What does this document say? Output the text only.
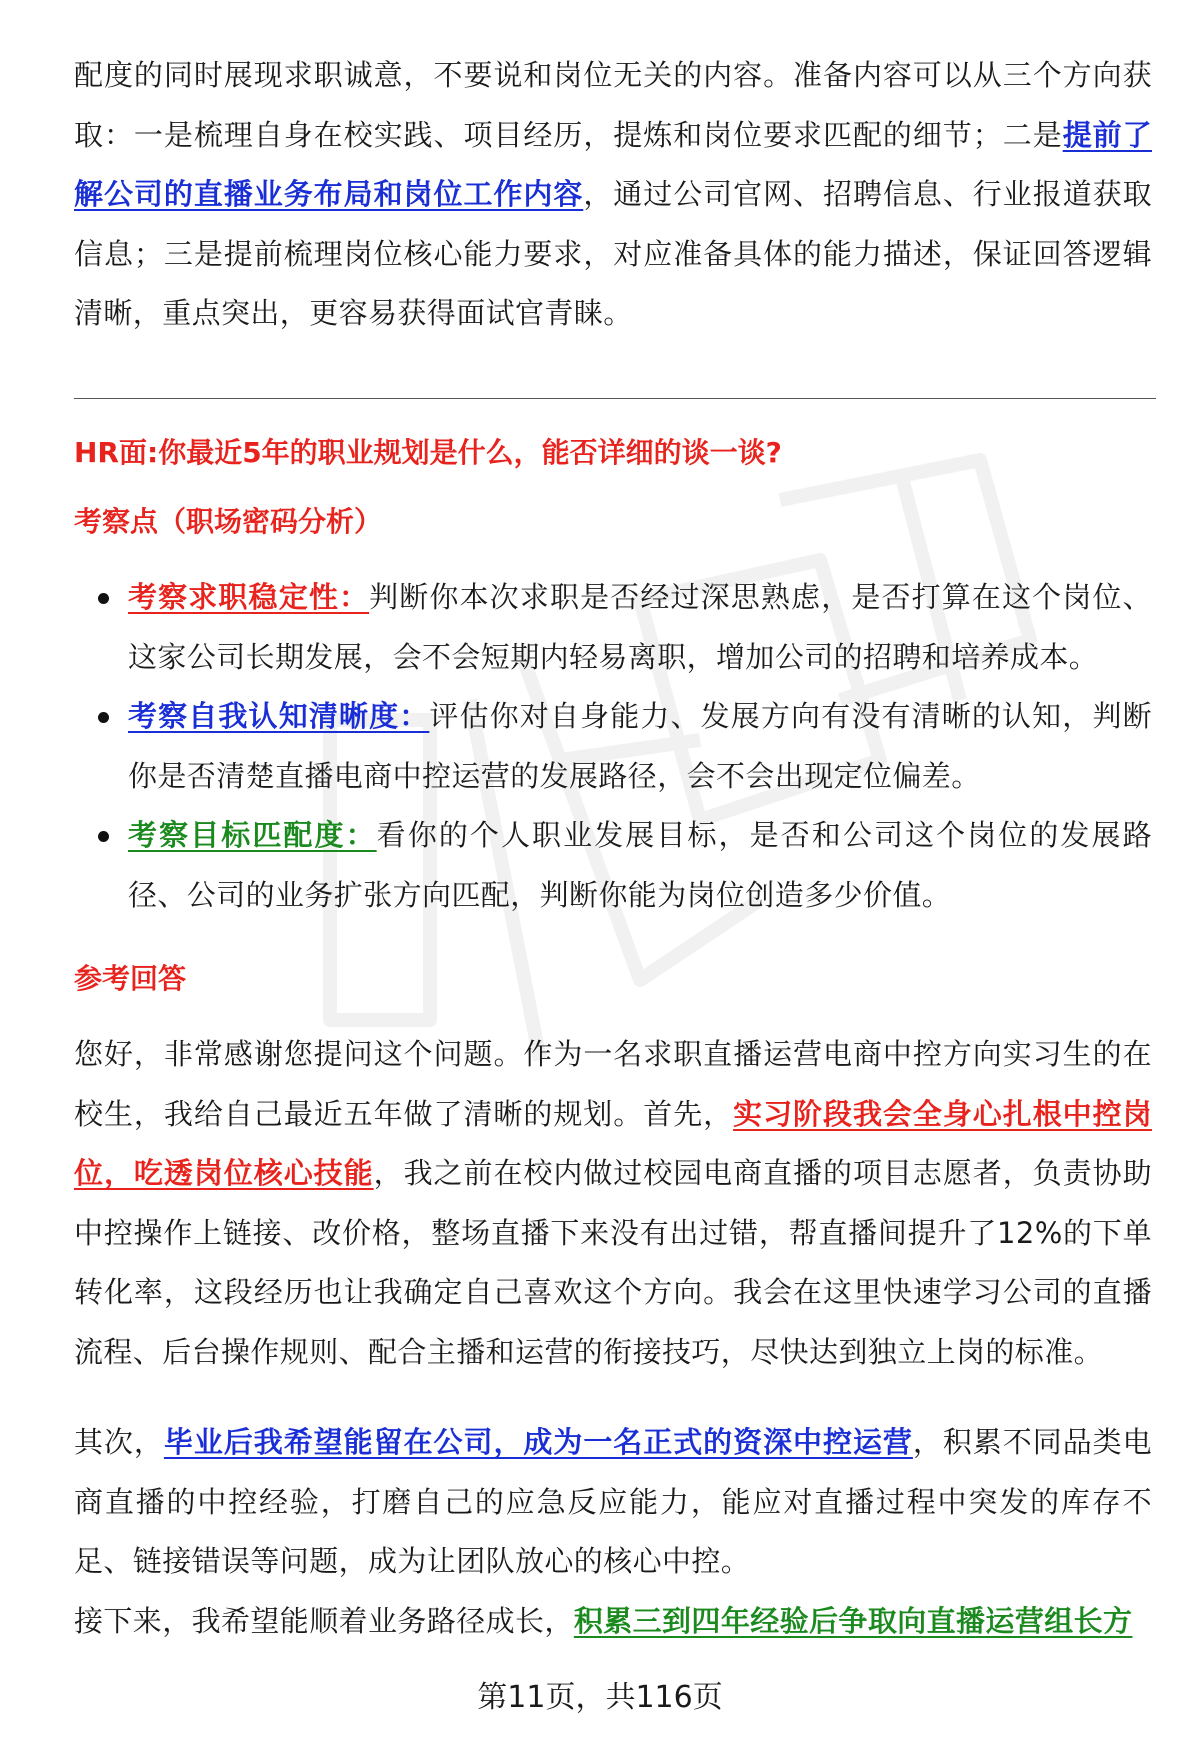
配度的同时展现求职诚意，不要说和岗位无关的内容。准备内容可以从三个方向获取：一是梳理自身在校实践、项目经历，提炼和岗位要求匹配的细节；二是提前了解公司的直播业务布局和岗位工作内容，通过公司官网、招聘信息、行业报道获取信息；三是提前梳理岗位核心能力要求，对应准备具体的能力描述，保证回答逻辑清晰，重点突出，更容易获得面试官青睐。

HR面:你最近5年的职业规划是什么，能否详细的谈一谈?
考察点（职场密码分析）
考察求职稳定性：判断你本次求职是否经过深思熟虑，是否打算在这个岗位、这家公司长期发展，会不会短期内轻易离职，增加公司的招聘和培养成本。
考察自我认知清晰度：评估你对自身能力、发展方向有没有清晰的认知，判断你是否清楚直播电商中控运营的发展路径，会不会出现定位偏差。
考察目标匹配度：看你的个人职业发展目标，是否和公司这个岗位的发展路径、公司的业务扩张方向匹配，判断你能为岗位创造多少价值。
参考回答

您好，非常感谢您提问这个问题。作为一名求职直播运营电商中控方向实习生的在校生，我给自己最近五年做了清晰的规划。首先，实习阶段我会全身心扎根中控岗位，吃透岗位核心技能，我之前在校内做过校园电商直播的项目志愿者，负责协助中控操作上链接、改价格，整场直播下来没有出过错，帮直播间提升了12%的下单转化率，这段经历也让我确定自己喜欢这个方向。我会在这里快速学习公司的直播流程、后台操作规则、配合主播和运营的衔接技巧，尽快达到独立上岗的标准。

其次，毕业后我希望能留在公司，成为一名正式的资深中控运营，积累不同品类电商直播的中控经验，打磨自己的应急反应能力，能应对直播过程中突发的库存不足、链接错误等问题，成为让团队放心的核心中控。

接下来，我希望能顺着业务路径成长，积累三到四年经验后争取向直播运营组长方

第11页，共116页
